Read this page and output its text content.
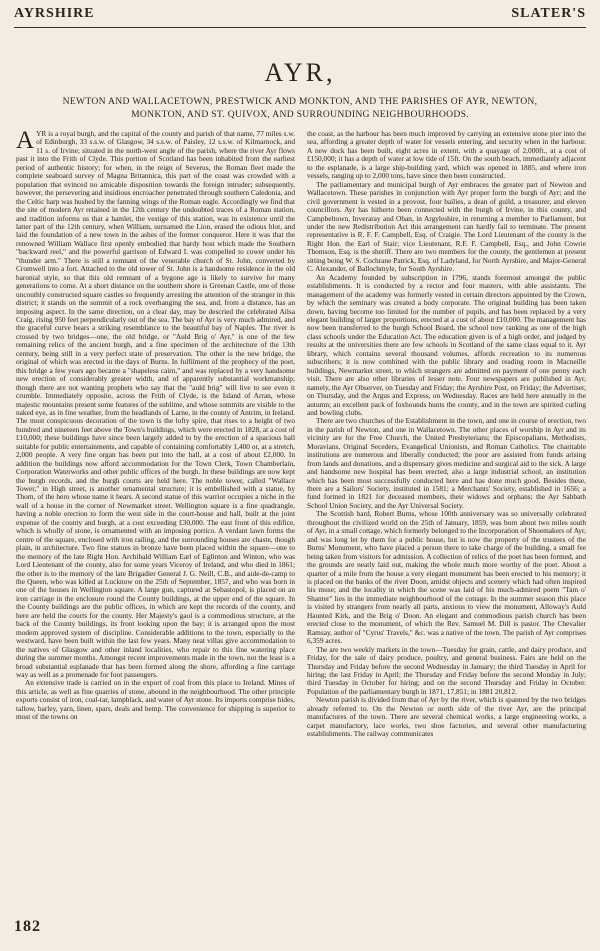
AYRSHIRE	SLATER'S
AYR,
NEWTON AND WALLACETOWN, PRESTWICK AND MONKTON, AND THE PARISHES OF AYR, NEWTON, MONKTON, AND ST. QUIVOX, AND SURROUNDING NEIGHBOURHOODS.

AYR is a royal burgh, and the capital of the county and parish of that name, 77 miles s.w. of Edinburgh, 33 s.s.w. of Glasgow, 34 s.s.w. of Paisley, 12 s.s.w. of Kilmarnock, and 11 s. of Irvine; situated in the north-west angle of the parish, where the river Ayr flows past it into the Frith of Clyde. This portion of Scotland has been inhabited from the earliest period of authentic history; for when, in the reign of Severus, the Roman fleet made the complete seaboard survey of Magna Britannica, this part of the coast was crowded with a population that evinced no amicable disposition towards the foreign intruder; subsequently, however, the persevering and insidious encroacher penetrated through southern Caledonia, and the Celtic harp was hushed by the fanning wings of the Roman eagle. Accordingly we find that the site of modern Ayr retained in the 12th century the undoubted traces of a Roman station, and tradition informs us that a hamlet, the vestige of this station, was in existence until the latter part of the 12th century, when William, surnamed the Lion, erased the odious blot, and laid the foundation of a new town in the ashes of the former conqueror. Here it was that the renowned William Wallace first openly embodied that hardy host which made the Southern "backward reel," and the powerful garrison of Edward I. was compelled to cower under his "thunder arm." There is still a remnant of the venerable church of St. John, converted by Cromwell into a fort. Attached to the old tower of St. John is a handsome residence in the old baronial style, so that this old remnant of a bygone age is likely to survive for many generations to come. At a short distance on the southern shore is Greenan Castle, one of those uncouthly constructed square castles so frequently arresting the attention of the stranger in this district; it stands on the summit of a rock overhanging the sea, and, from a distance, has an imposing aspect. In the same direction, on a clear day, may be descried the celebrated Ailsa Craig, rising 950 feet perpendicularly out of the sea. The bay of Ayr is very much admired, and the graceful curve bears a striking resemblance to the beautiful bay of Naples. The river is crossed by two bridges—one, the old bridge, or "Auld Brig o' Ayr," is one of the few remaining relics of the ancient burgh, and a fine specimen of the architecture of the 13th century, being still in a very perfect state of preservation. The other is the new bridge, the original of which was erected in the days of Burns. In fulfilment of the prophecy of the poet, this bridge a few years ago became a "shapeless cairn," and was replaced by a very handsome new erection of considerably greater width, and of apparently substantial workmanship; though there are not wanting prophets who say that the "auld brig" will live to see even it crumble. Immediately opposite, across the Frith of Clyde, is the Island of Arran, whose majestic mountains present some features of the sublime, and whose summits are visible to the naked eye, as in fine weather, from the headlands of Larne, in the county of Antrim, in Ireland. The most conspicuous decoration of the town is the lofty spire, that rises to a height of two hundred and nineteen feet above the Town's buildings, which were erected in 1828, at a cost of £10,000; these buildings have since been largely added to by the erection of a spacious hall suitable for public entertainments, and capable of containing comfortably 1,400 or, at a stretch, 2,000 people. A very fine organ has been put into the hall, at a cost of about £2,000. In addition the buildings now afford accommodation for the Town Clerk, Town Chamberlain, Corporation Waterworks and other public offices of the burgh. In these buildings are now kept the burgh records, and the burgh courts are held here. The noble tower, called "Wallace Tower," in High street, is another ornamental structure; it is embellished with a statue, by Thom, of the hero whose name it bears. A second statue of this warrior occupies a niche in the wall of a house in the corner of Newmarket street. Wellington square is a fine quadrangle, having a noble erection to form the west side in the court-house and hall, built at the joint expense of the county and burgh, at a cost exceeding £30,000. The east front of this edifice, which is wholly of stone, is ornamented with an imposing portico. A verdant lawn forms the centre of the square, enclosed with iron railing, and the surrounding houses are chaste, though plain, in architecture. Two fine statues in bronze have been placed within the square—one to the memory of the late Right Hon. Archibald William Earl of Eglinton and Winton, who was Lord Lieutenant of the county, also for some years Viceroy of Ireland, and who died in 1861; the other is to the memory of the late Brigadier General J. G. Neill, C.B., and aide-de-camp to the Queen, who was killed at Lucknow on the 25th of September, 1857, and who was born in one of the houses in Wellington square. A large gun, captured at Sebastopol, is placed on an iron carriage in the enclosure round the County buildings, at the upper end of the square. In the County buildings are the public offices, in which are kept the records of the county, and here are held the courts for the county. Her Majesty's gaol is a commodious structure, at the back of the County buildings, its front looking upon the bay; it is arranged upon the most modern approved system of discipline. Considerable additions to the town, especially to the westward, have been built within the last few years. Many neat villas give accommodation to the natives of Glasgow and other inland localities, who repair to this fine watering place during the summer months. Amongst recent improvements made in the town, not the least is a broad substantial esplanade that has been formed along the shore, affording a fine carriage way as well as a promenade for foot passengers.

An extensive trade is carried on in the export of coal from this place to Ireland. Mines of this article, as well as fine quarries of stone, abound in the neighbourhood. The other principle exports consist of iron, coal-tar, lampblack, and water of Ayr stone. Its imports comprise hides, tallow, barley, yarn, linen, spars, deals and hemp. The convenience for shipping is superior to most of the towns on

the coast, as the harbour has been much improved by carrying an extensive stone pier into the sea, affording a greater depth of water for vessels entering, and security when in the harbour. A new dock has been built, eight acres in extent, with a quayage of 2,000ft., at a cost of £150,000; it has a depth of water at low tide of 15ft. On the south beach, immediately adjacent to the esplanade, is a large ship-building yard, which was opened in 1885, and where iron vessels, ranging up to 2,000 tons, have since then been constructed.

The parliamentary and municipal burgh of Ayr embraces the greater part of Newton and Wallacetown. These parishes in conjunction with Ayr proper form the burgh of Ayr; and the civil government is vested in a provost, four bailies, a dean of guild, a treasurer, and eleven councillors. Ayr has hitherto been connected with the burgh of Irvine, in this county, and Campbeltown, Inveraray and Oban, in Argyleshire, in returning a member to Parliament, but under the new Redistribution Act this arrangement can hardly fail to terminate. The present representative is R. F. F. Campbell, Esq. of Craigie. The Lord Lieutenant of the county is the Right Hon. the Earl of Stair; vice Lieutenant, R.F. F. Campbell, Esq., and John Cowrie Thomson, Esq. is the sheriff. There are two members for the county, the gentlemen at present sitting being W. S. Cochrane Patrick, Esq. of Ladyland, for North Ayrshire, and Major-General C. Alexander, of Ballochmyle, for South Ayrshire.

An Academy founded by subscription in 1796, stands foremost amongst the public establishments. It is conducted by a rector and four masters, with able assistants. The management of the academy was formerly vested in certain directors appointed by the Crown, by which the seminary was created a body corporate. The original building has been taken down, having become too limited for the number of pupils, and has been replaced by a very elegant building of larger proportions, erected at a cost of about £10,000. The management has now been transferred to the burgh School Board, the school now ranking as one of the high class schools under the Education Act. The education given is of a high order, and judged by results at the universities there are few schools in Scotland of the same class equal to it. Ayr library, which contains several thousand volumes, affords recreation to its numerous subscribers; it is now combined with the public library and reading room in Macneille buildings, Newmarket street, to which strangers are admitted on payment of one penny each visit. There are also other libraries of lesser note. Four newspapers are published in Ayr, namely, the Ayr Observer, on Tuesday and Friday; the Ayrshire Post, on Friday; the Advertiser, on Thursday, and the Argus and Express, on Wednesday. Races are held here annually in the autumn; an excellent pack of foxhounds hunts the county, and in the town are spirited curling and bowling clubs.

There are two churches of the Establishment in the town, and one in course of erection, two in the parish of Newton, and one in Wallacetown. The other places of worship in Ayr and its vicinity are for the Free Church, the United Presbyterians; the Episcopalians, Methodists, Moravians, Original Seceders, Evangelical Unionists, and Roman Catholics. The charitable institutions are numerous and liberally conducted; the poor are assisted from funds arising from lands and donations, and a dispensary gives medicine and surgical aid to the sick. A large and handsome new hospital has been erected, also a large industrial school, an institution which has been most successfully conducted here and has done much good. Besides these, there are a Sailors' Society, instituted in 1581; a Merchants' Society, established in 1656; a fund formed in 1821 for deceased members, their widows and orphans; the Ayr Sabbath School Union Society, and the Ayr Universal Society.

The Scottish bard, Robert Burns, whose 100th anniversary was so universally celebrated throughout the civilized world on the 25th of January, 1859, was born about two miles south of Ayr, in a small cottage, which formerly belonged to the Incorporation of Shoemakers of Ayr, and was long let by them for a public house, but is now the property of the trustees of the Burns' Monument, who have placed a person there to take charge of the building, a small fee being taken from visitors for admission. A collection of relics of the poet has been formed, and the grounds are neatly laid out, making the whole much more worthy of the poet. About a quarter of a mile from the house a very elegant monument has been erected to his memory; it is placed on the banks of the river Doon, amidst objects and scenery which had often inspired his muse; and the locality in which the scene was laid of his much-admired poem "Tam o' Shanter" lies in the immediate neighbourhood of the cottage. In the summer season this place is visited by strangers from nearly all parts, anxious to view the monument, Alloway's Auld Haunted Kirk, and the Brig o' Doon. An elegant and commodious parish church has been erected close to the monument, of which the Rev. Samuel M. Dill is pastor. The Chevalier Ramsay, author of "Cyrus' Travels," &c. was a native of the town. The parish of Ayr comprises 6,359 acres.

The are two weekly markets in the town—Tuesday for grain, cattle, and dairy produce, and Friday, for the sale of dairy produce, poultry, and general business. Fairs are held on the Thursday and Friday before the second Wednesday in January; the third Tuesday in April for hiring; the last Friday in April; the Thursday and Friday before the second Monday in July; third Tuesday in October for hiring; and on the second Thursday and Friday in October. Population of the parliamentary burgh in 1871, 17,851; in 1881 20,812.

Newton parish is divided from that of Ayr by the river, which is spanned by the two bridges already referred to. On the Newton or north side of the river Ayr, are the principal manufactures of the town. There are several chemical works, a large engineering works, a carpet manufactory, lace works, two shoe factories, and several other manufacturing establishments. The railway communicates

182
